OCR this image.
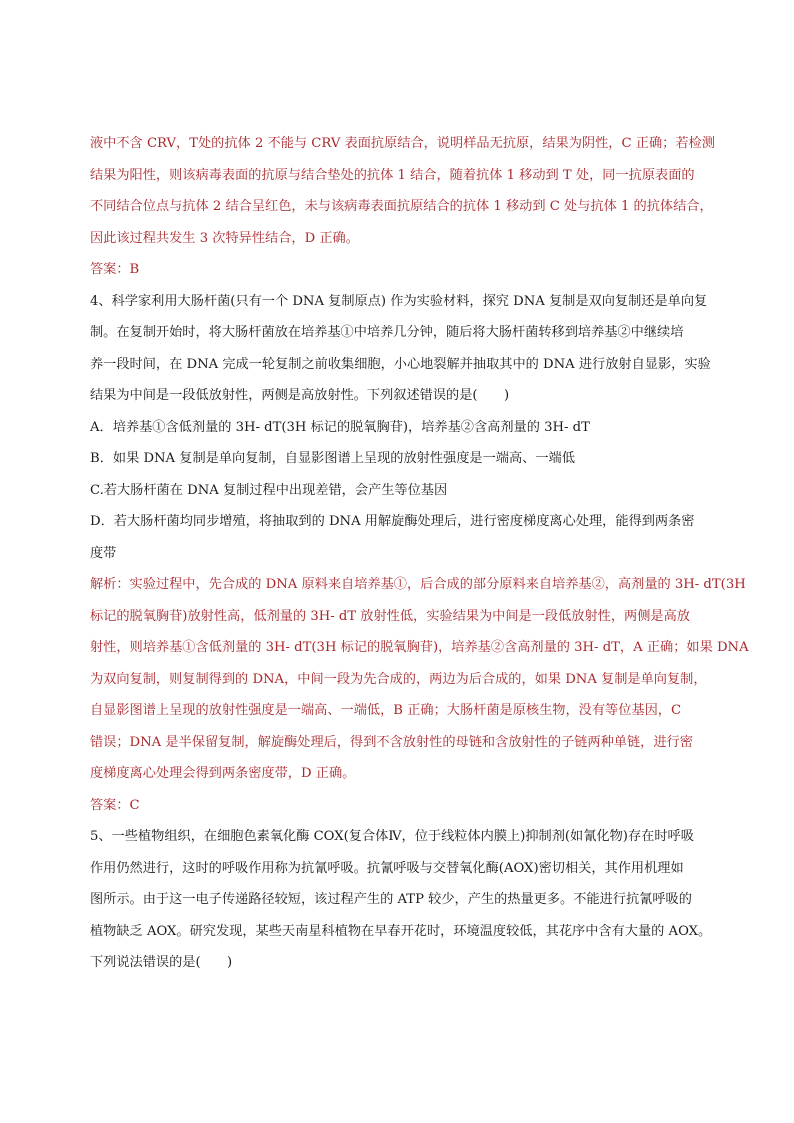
液中不含 CRV，T处的抗体 2 不能与 CRV 表面抗原结合，说明样品无抗原，结果为阴性，C 正确；若检测
结果为阳性，则该病毒表面的抗原与结合垫处的抗体 1 结合，随着抗体 1 移动到 T 处，同一抗原表面的
不同结合位点与抗体 2 结合呈红色，未与该病毒表面抗原结合的抗体 1 移动到 C 处与抗体 1 的抗体结合，
因此该过程共发生 3 次特异性结合，D 正确。
答案：B
4、科学家利用大肠杆菌(只有一个 DNA 复制原点) 作为实验材料，探究 DNA 复制是双向复制还是单向复
制。在复制开始时，将大肠杆菌放在培养基①中培养几分钟，随后将大肠杆菌转移到培养基②中继续培
养一段时间，在 DNA 完成一轮复制之前收集细胞，小心地裂解并抽取其中的 DNA 进行放射自显影，实验
结果为中间是一段低放射性，两侧是高放射性。下列叙述错误的是(　　)
A．培养基①含低剂量的 3H- dT(3H 标记的脱氧胸苷)，培养基②含高剂量的 3H- dT
B．如果 DNA 复制是单向复制，自显影图谱上呈现的放射性强度是一端高、一端低
C.若大肠杆菌在 DNA 复制过程中出现差错，会产生等位基因
D．若大肠杆菌均同步增殖，将抽取到的 DNA 用解旋酶处理后，进行密度梯度离心处理，能得到两条密
度带
解析：实验过程中，先合成的 DNA 原料来自培养基①，后合成的部分原料来自培养基②，高剂量的 3H- dT(3H
标记的脱氧胸苷)放射性高，低剂量的 3H- dT 放射性低，实验结果为中间是一段低放射性，两侧是高放
射性，则培养基①含低剂量的 3H- dT(3H 标记的脱氧胸苷)，培养基②含高剂量的 3H- dT，A 正确；如果 DNA
为双向复制，则复制得到的 DNA，中间一段为先合成的，两边为后合成的，如果 DNA 复制是单向复制，
自显影图谱上呈现的放射性强度是一端高、一端低，B 正确；大肠杆菌是原核生物，没有等位基因，C
错误；DNA 是半保留复制，解旋酶处理后，得到不含放射性的母链和含放射性的子链两种单链，进行密
度梯度离心处理会得到两条密度带，D 正确。
答案：C
5、一些植物组织，在细胞色素氧化酶 COX(复合体Ⅳ，位于线粒体内膜上)抑制剂(如氰化物)存在时呼吸
作用仍然进行，这时的呼吸作用称为抗氰呼吸。抗氰呼吸与交替氧化酶(AOX)密切相关，其作用机理如
图所示。由于这一电子传递路径较短，该过程产生的 ATP 较少，产生的热量更多。不能进行抗氰呼吸的
植物缺乏 AOX。研究发现，某些天南星科植物在早春开花时，环境温度较低，其花序中含有大量的 AOX。
下列说法错误的是(　　)
